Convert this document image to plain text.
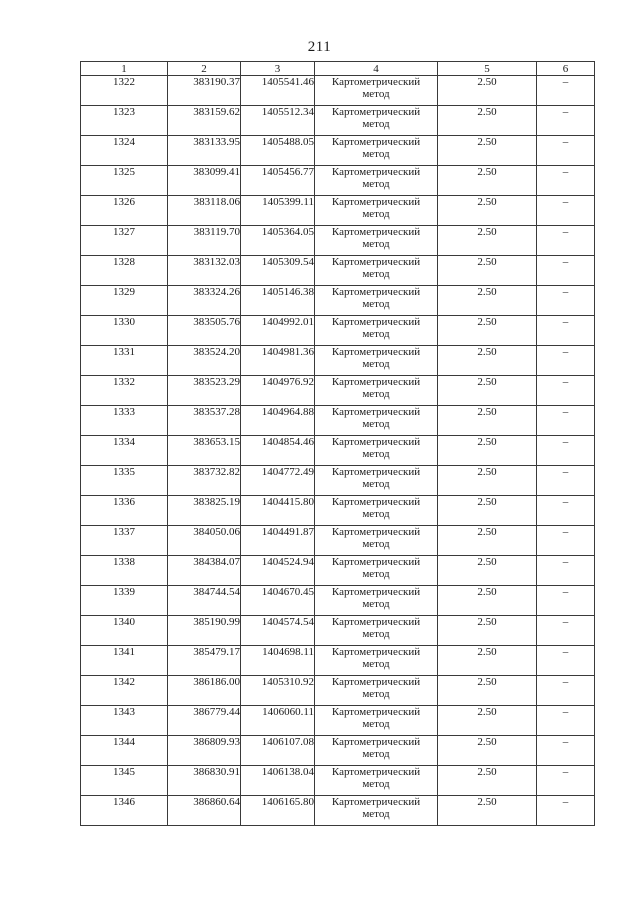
211
1	2	3	4	5	6
1322	383190.37	1405541.46	Картометрический
метод	2.50	–
1323	383159.62	1405512.34	Картометрический
метод	2.50	–
1324	383133.95	1405488.05	Картометрический
метод	2.50	–
1325	383099.41	1405456.77	Картометрический
метод	2.50	–
1326	383118.06	1405399.11	Картометрический
метод	2.50	–
1327	383119.70	1405364.05	Картометрический
метод	2.50	–
1328	383132.03	1405309.54	Картометрический
метод	2.50	–
1329	383324.26	1405146.38	Картометрический
метод	2.50	–
1330	383505.76	1404992.01	Картометрический
метод	2.50	–
1331	383524.20	1404981.36	Картометрический
метод	2.50	–
1332	383523.29	1404976.92	Картометрический
метод	2.50	–
1333	383537.28	1404964.88	Картометрический
метод	2.50	–
1334	383653.15	1404854.46	Картометрический
метод	2.50	–
1335	383732.82	1404772.49	Картометрический
метод	2.50	–
1336	383825.19	1404415.80	Картометрический
метод	2.50	–
1337	384050.06	1404491.87	Картометрический
метод	2.50	–
1338	384384.07	1404524.94	Картометрический
метод	2.50	–
1339	384744.54	1404670.45	Картометрический
метод	2.50	–
1340	385190.99	1404574.54	Картометрический
метод	2.50	–
1341	385479.17	1404698.11	Картометрический
метод	2.50	–
1342	386186.00	1405310.92	Картометрический
метод	2.50	–
1343	386779.44	1406060.11	Картометрический
метод	2.50	–
1344	386809.93	1406107.08	Картометрический
метод	2.50	–
1345	386830.91	1406138.04	Картометрический
метод	2.50	–
1346	386860.64	1406165.80	Картометрический
метод	2.50	–
